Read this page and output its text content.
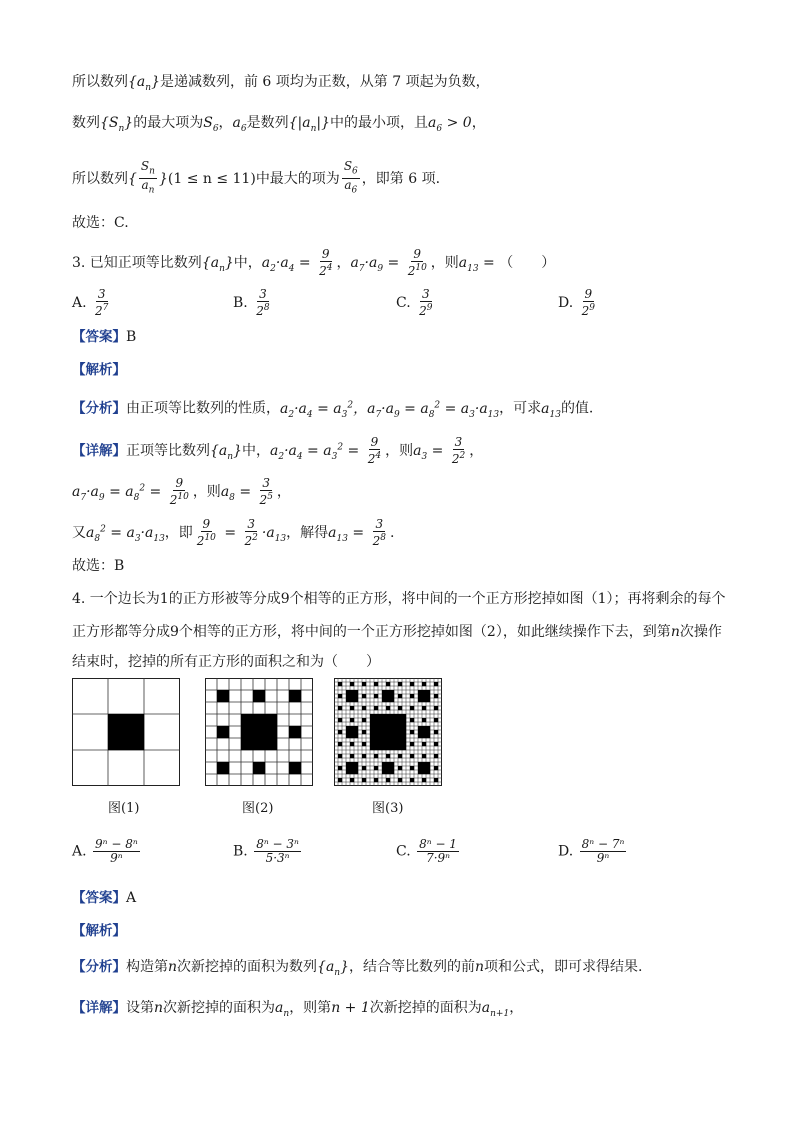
所以数列$\{a_n\}$是递减数列，前 6 项均为正数，从第 7 项起为负数，
数列$\{S_n\}$的最大项为$S_6$，$a_6$是数列$\{|a_n|\}$中的最小项，且$a_6 > 0$，
所以数列{ $\frac{S_n}{a_n} \}(1 \le n \le 11)$中最大的项为 $\frac{S_6}{a_6}$ ，即第 6 项.
故选：C.
3. 已知正项等比数列$\{a_n\}$中，$a_2\cdot a_4 = \frac{9}{2^4}$ ，$a_7\cdot a_9 = \frac{9}{2^{10}}$ ，则$a_{13}$ = （　　）
A. $\frac{3}{2^7}$	B. $\frac{3}{2^8}$	C. $\frac{3}{2^9}$	D. $\frac{9}{2^9}$
【答案】B
【解析】
【分析】由正项等比数列的性质，$a_2\cdot a_4 = a_3^2$，$a_7\cdot a_9 = a_8^2 = a_3\cdot a_{13}$，可求$a_{13}$的值.
【详解】正项等比数列$\{a_n\}$中，$a_2\cdot a_4 = a_3^2 = \frac{9}{2^4}$ ，则$a_3 = \frac{3}{2^2}$ ，
$a_7\cdot a_9 = a_8^2 = \frac{9}{2^{10}}$ ，则$a_8 = \frac{3}{2^5}$ ，
又$a_8^2 = a_3\cdot a_{13}$，即 $\frac{9}{2^{10}} = \frac{3}{2^2} \cdot a_{13}$，解得$a_{13} = \frac{3}{2^8}$ .
故选：B
4. 一个边长为1的正方形被等分成9个相等的正方形，将中间的一个正方形挖掉如图（1）；再将剩余的每个
正方形都等分成9个相等的正方形，将中间的一个正方形挖掉如图（2），如此继续操作下去，到第n次操作
结束时，挖掉的所有正方形的面积之和为（　　）
图(1)	图(2)	图(3)
A. $\frac{\text{9ⁿ − 8ⁿ}}{\text{9ⁿ}}$	B. $\frac{\text{8ⁿ − 3ⁿ}}{\text{5·3ⁿ}}$	C. $\frac{\text{8ⁿ − 1}}{\text{7·9ⁿ}}$	D. $\frac{\text{8ⁿ − 7ⁿ}}{\text{9ⁿ}}$
【答案】A
【解析】
【分析】构造第n次新挖掉的面积为数列$\{a_n\}$，结合等比数列的前n项和公式，即可求得结果.
【详解】设第n次新挖掉的面积为$a_n$，则第n + 1次新挖掉的面积为$a_{n+1}$，
